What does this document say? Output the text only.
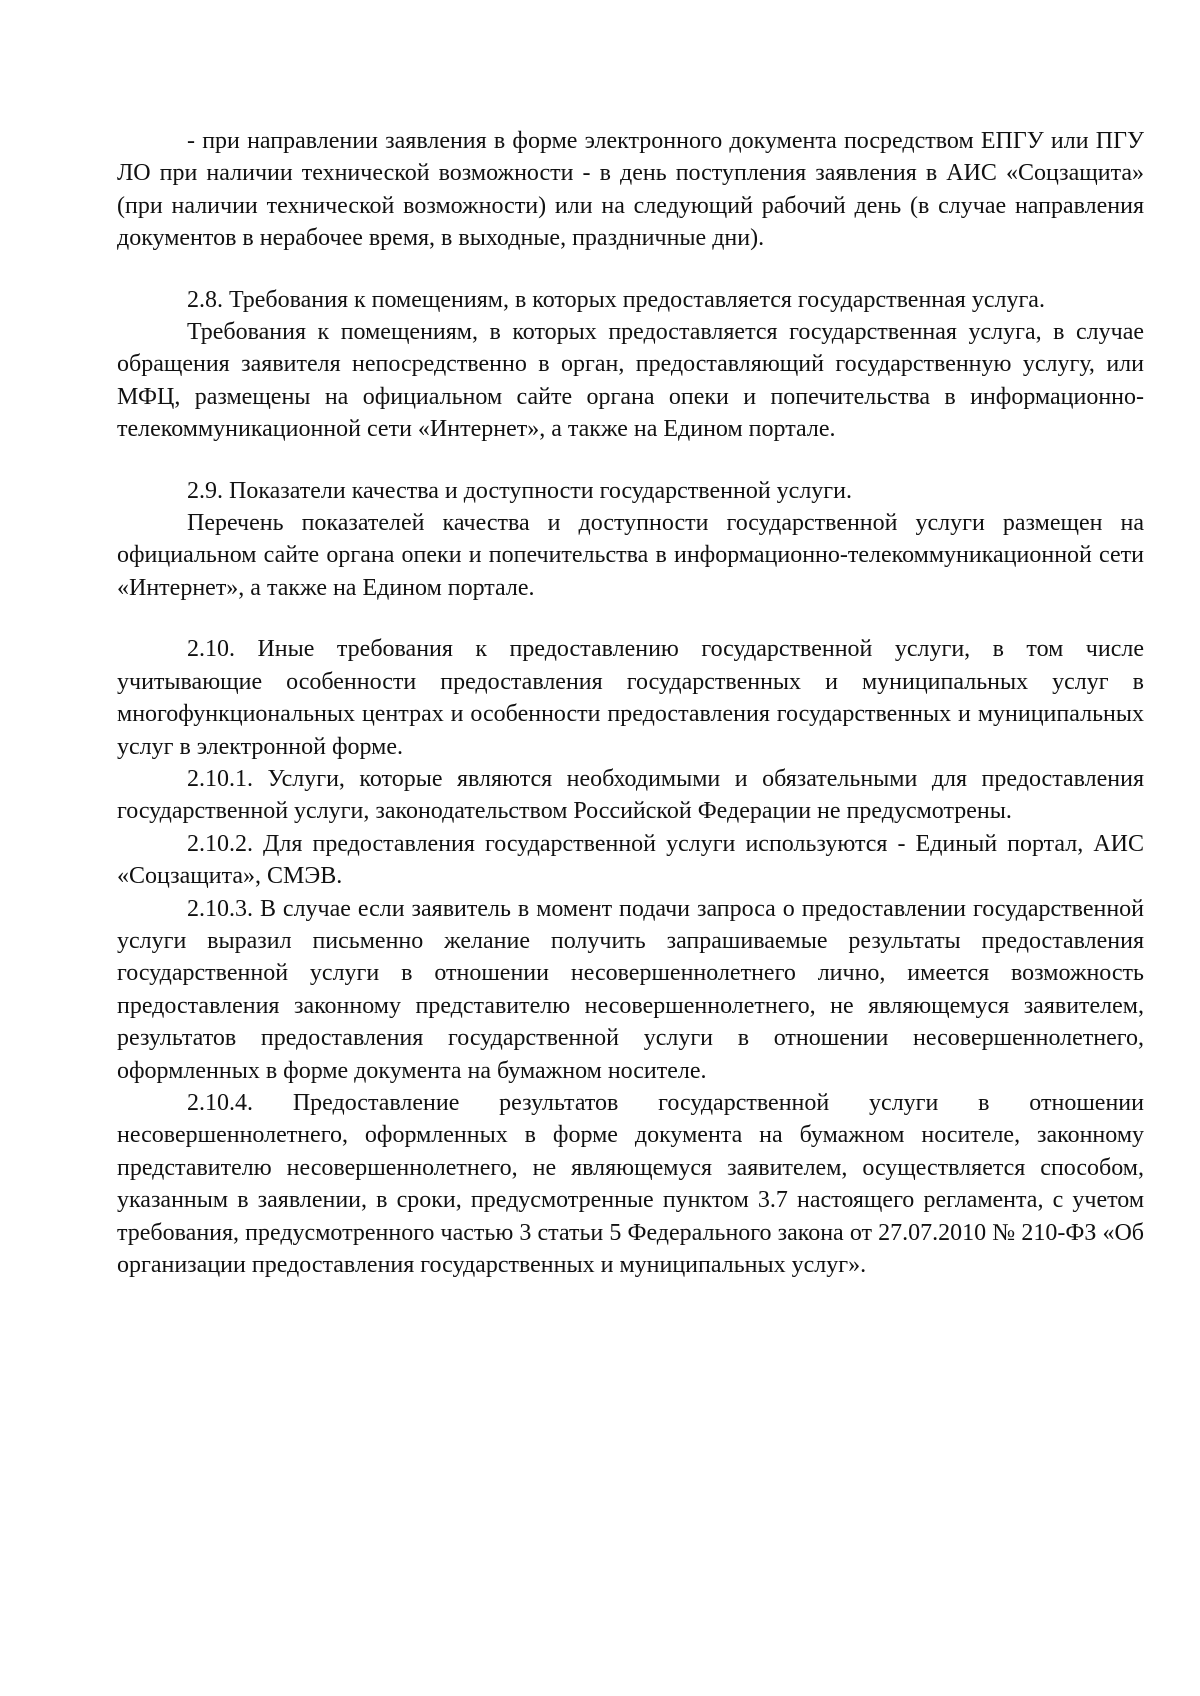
- при направлении заявления в форме электронного документа посредством ЕПГУ или ПГУ ЛО при наличии технической возможности - в день поступления заявления в АИС «Соцзащита» (при наличии технической возможности) или на следующий рабочий день (в случае направления документов в нерабочее время, в выходные, праздничные дни).

2.8. Требования к помещениям, в которых предоставляется государственная услуга.

Требования к помещениям, в которых предоставляется государственная услуга, в случае обращения заявителя непосредственно в орган, предоставляющий государственную услугу, или МФЦ, размещены на официальном сайте органа опеки и попечительства в информационно-телекоммуникационной сети «Интернет», а также на Едином портале.

2.9. Показатели качества и доступности государственной услуги.

Перечень показателей качества и доступности государственной услуги размещен на официальном сайте органа опеки и попечительства в информационно-телекоммуникационной сети «Интернет», а также на Едином портале.

2.10. Иные требования к предоставлению государственной услуги, в том числе учитывающие особенности предоставления государственных и муниципальных услуг в многофункциональных центрах и особенности предоставления государственных и муниципальных услуг в электронной форме.

2.10.1. Услуги, которые являются необходимыми и обязательными для предоставления государственной услуги, законодательством Российской Федерации не предусмотрены.

2.10.2. Для предоставления государственной услуги используются - Единый портал, АИС «Соцзащита», СМЭВ.

2.10.3. В случае если заявитель в момент подачи запроса о предоставлении государственной услуги выразил письменно желание получить запрашиваемые результаты предоставления государственной услуги в отношении несовершеннолетнего лично, имеется возможность предоставления законному представителю несовершеннолетнего, не являющемуся заявителем, результатов предоставления государственной услуги в отношении несовершеннолетнего, оформленных в форме документа на бумажном носителе.

2.10.4. Предоставление результатов государственной услуги в отношении несовершеннолетнего, оформленных в форме документа на бумажном носителе, законному представителю несовершеннолетнего, не являющемуся заявителем, осуществляется способом, указанным в заявлении, в сроки, предусмотренные пунктом 3.7 настоящего регламента, с учетом требования, предусмотренного частью 3 статьи 5 Федерального закона от 27.07.2010 № 210-ФЗ «Об организации предоставления государственных и муниципальных услуг».
